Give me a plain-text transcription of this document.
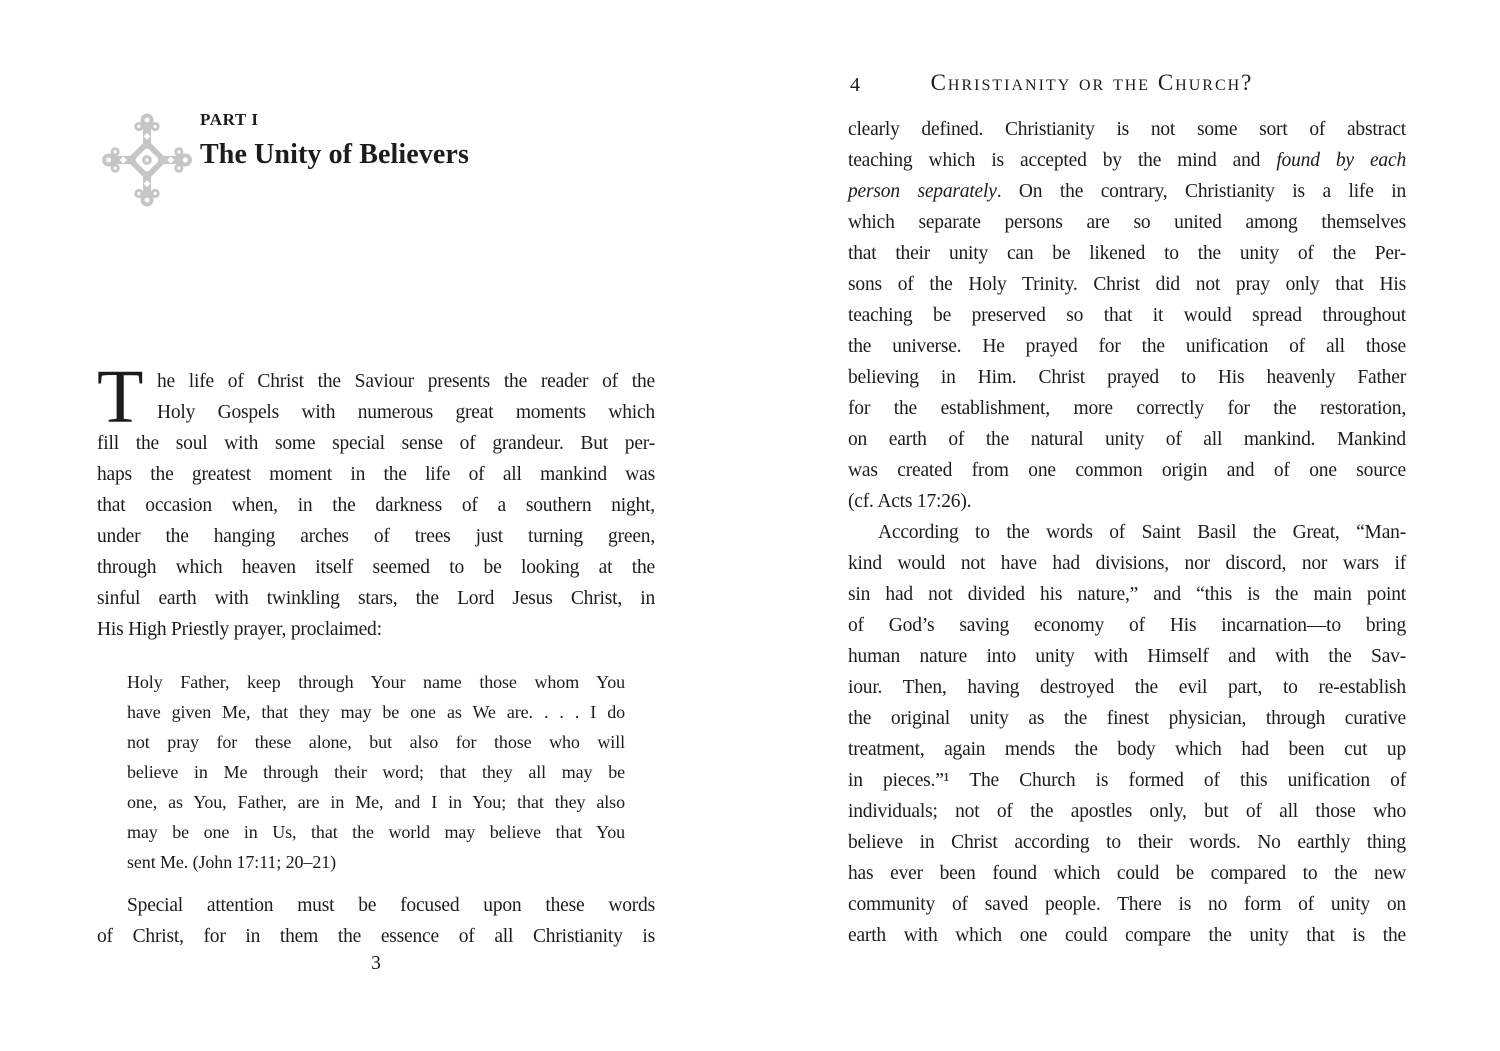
PART I
The Unity of Believers
T he life of Christ the Saviour presents the reader of the
Holy Gospels with numerous great moments which
fill the soul with some special sense of grandeur. But per-
haps the greatest moment in the life of all mankind was
that occasion when, in the darkness of a southern night,
under the hanging arches of trees just turning green,
through which heaven itself seemed to be looking at the
sinful earth with twinkling stars, the Lord Jesus Christ, in
His High Priestly prayer, proclaimed:
Holy Father, keep through Your name those whom You
have given Me, that they may be one as We are. . . . I do
not pray for these alone, but also for those who will
believe in Me through their word; that they all may be
one, as You, Father, are in Me, and I in You; that they also
may be one in Us, that the world may believe that You
sent Me. (John 17:11; 20–21)
Special attention must be focused upon these words
of Christ, for in them the essence of all Christianity is
3
4	Christianity or the Church?
clearly defined. Christianity is not some sort of abstract
teaching which is accepted by the mind and found by each
person separately. On the contrary, Christianity is a life in
which separate persons are so united among themselves
that their unity can be likened to the unity of the Per-
sons of the Holy Trinity. Christ did not pray only that His
teaching be preserved so that it would spread throughout
the universe. He prayed for the unification of all those
believing in Him. Christ prayed to His heavenly Father
for the establishment, more correctly for the restoration,
on earth of the natural unity of all mankind. Mankind
was created from one common origin and of one source
(cf. Acts 17:26).
According to the words of Saint Basil the Great, “Man-
kind would not have had divisions, nor discord, nor wars if
sin had not divided his nature,” and “this is the main point
of God’s saving economy of His incarnation—to bring
human nature into unity with Himself and with the Sav-
iour. Then, having destroyed the evil part, to re-establish
the original unity as the finest physician, through curative
treatment, again mends the body which had been cut up
in pieces.”¹ The Church is formed of this unification of
individuals; not of the apostles only, but of all those who
believe in Christ according to their words. No earthly thing
has ever been found which could be compared to the new
community of saved people. There is no form of unity on
earth with which one could compare the unity that is the
